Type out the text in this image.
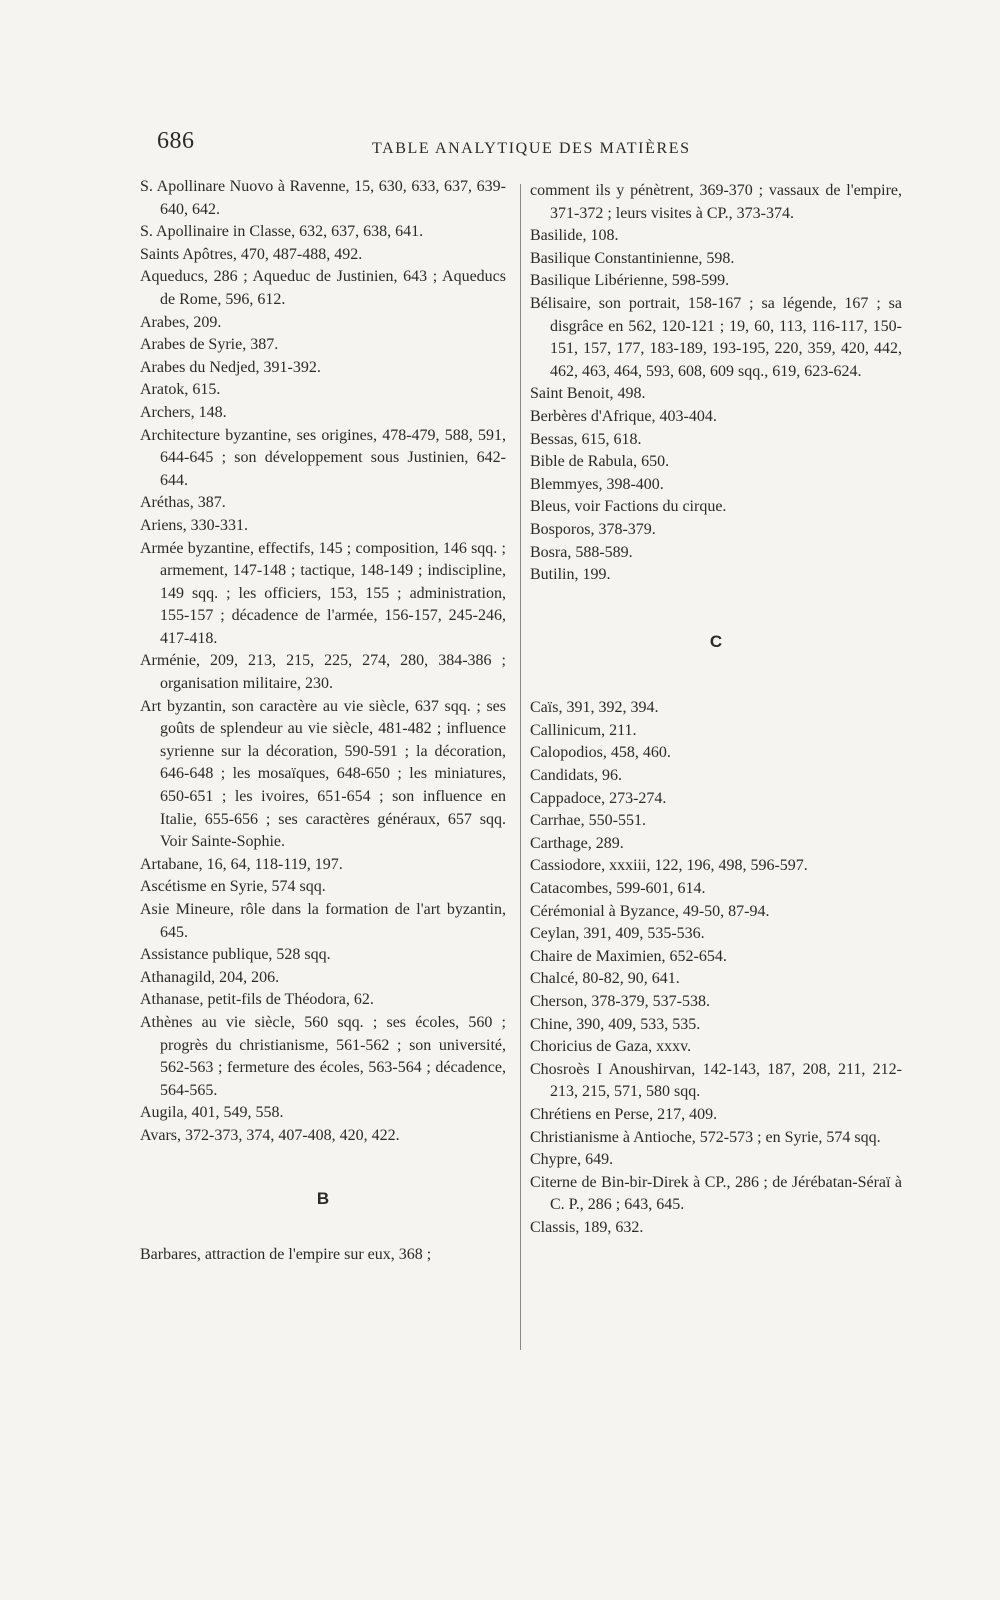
686	TABLE ANALYTIQUE DES MATIÈRES

S. Apollinare Nuovo à Ravenne, 15, 630, 633, 637, 639-640, 642.

S. Apollinaire in Classe, 632, 637, 638, 641.

Saints Apôtres, 470, 487-488, 492.

Aqueducs, 286 ; Aqueduc de Justinien, 643 ; Aqueducs de Rome, 596, 612.

Arabes, 209.

Arabes de Syrie, 387.

Arabes du Nedjed, 391-392.

Aratok, 615.

Archers, 148.

Architecture byzantine, ses origines, 478-479, 588, 591, 644-645 ; son développement sous Justinien, 642-644.

Aréthas, 387.

Ariens, 330-331.

Armée byzantine, effectifs, 145 ; composition, 146 sqq. ; armement, 147-148 ; tactique, 148-149 ; indiscipline, 149 sqq. ; les officiers, 153, 155 ; administration, 155-157 ; décadence de l'armée, 156-157, 245-246, 417-418.

Arménie, 209, 213, 215, 225, 274, 280, 384-386 ; organisation militaire, 230.

Art byzantin, son caractère au vie siècle, 637 sqq. ; ses goûts de splendeur au vie siècle, 481-482 ; influence syrienne sur la décoration, 590-591 ; la décoration, 646-648 ; les mosaïques, 648-650 ; les miniatures, 650-651 ; les ivoires, 651-654 ; son influence en Italie, 655-656 ; ses caractères généraux, 657 sqq. Voir Sainte-Sophie.

Artabane, 16, 64, 118-119, 197.

Ascétisme en Syrie, 574 sqq.

Asie Mineure, rôle dans la formation de l'art byzantin, 645.

Assistance publique, 528 sqq.

Athanagild, 204, 206.

Athanase, petit-fils de Théodora, 62.

Athènes au vie siècle, 560 sqq. ; ses écoles, 560 ; progrès du christianisme, 561-562 ; son université, 562-563 ; fermeture des écoles, 563-564 ; décadence, 564-565.

Augila, 401, 549, 558.

Avars, 372-373, 374, 407-408, 420, 422.

B

Barbares, attraction de l'empire sur eux, 368 ;

comment ils y pénètrent, 369-370 ; vassaux de l'empire, 371-372 ; leurs visites à CP., 373-374.

Basilide, 108.

Basilique Constantinienne, 598.

Basilique Libérienne, 598-599.

Bélisaire, son portrait, 158-167 ; sa légende, 167 ; sa disgrâce en 562, 120-121 ; 19, 60, 113, 116-117, 150-151, 157, 177, 183-189, 193-195, 220, 359, 420, 442, 462, 463, 464, 593, 608, 609 sqq., 619, 623-624.

Saint Benoit, 498.

Berbères d'Afrique, 403-404.

Bessas, 615, 618.

Bible de Rabula, 650.

Blemmyes, 398-400.

Bleus, voir Factions du cirque.

Bosporos, 378-379.

Bosra, 588-589.

Butilin, 199.

C

Caïs, 391, 392, 394.

Callinicum, 211.

Calopodios, 458, 460.

Candidats, 96.

Cappadoce, 273-274.

Carrhae, 550-551.

Carthage, 289.

Cassiodore, xxxiii, 122, 196, 498, 596-597.

Catacombes, 599-601, 614.

Cérémonial à Byzance, 49-50, 87-94.

Ceylan, 391, 409, 535-536.

Chaire de Maximien, 652-654.

Chalcé, 80-82, 90, 641.

Cherson, 378-379, 537-538.

Chine, 390, 409, 533, 535.

Choricius de Gaza, xxxv.

Chosroès I Anoushirvan, 142-143, 187, 208, 211, 212-213, 215, 571, 580 sqq.

Chrétiens en Perse, 217, 409.

Christianisme à Antioche, 572-573 ; en Syrie, 574 sqq.

Chypre, 649.

Citerne de Bin-bir-Direk à CP., 286 ; de Jérébatan-Séraï à C. P., 286 ; 643, 645.

Classis, 189, 632.
